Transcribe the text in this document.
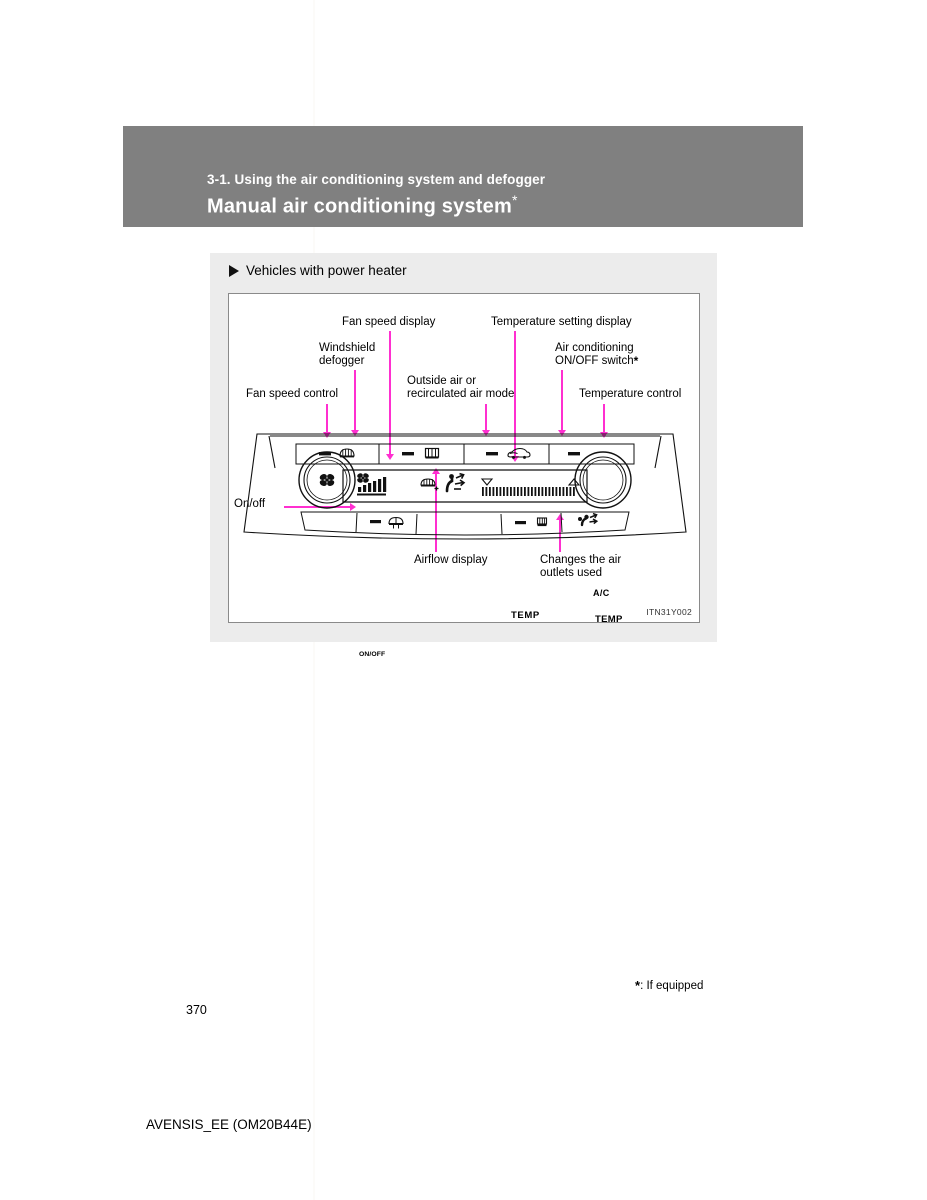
3-1. Using the air conditioning system and defogger
Manual air conditioning system*
Vehicles with power heater
Fan speed display	Temperature setting display
Windshield
defogger
Air conditioning
ON/OFF switch*
Fan speed control
Outside air or
recirculated air mode	Temperature control
On/off
Airflow display	Changes the air
outlets used
A/C
TEMP	TEMP
ON/OFF
ITN31Y002
*: If equipped
370
AVENSIS_EE (OM20B44E)
